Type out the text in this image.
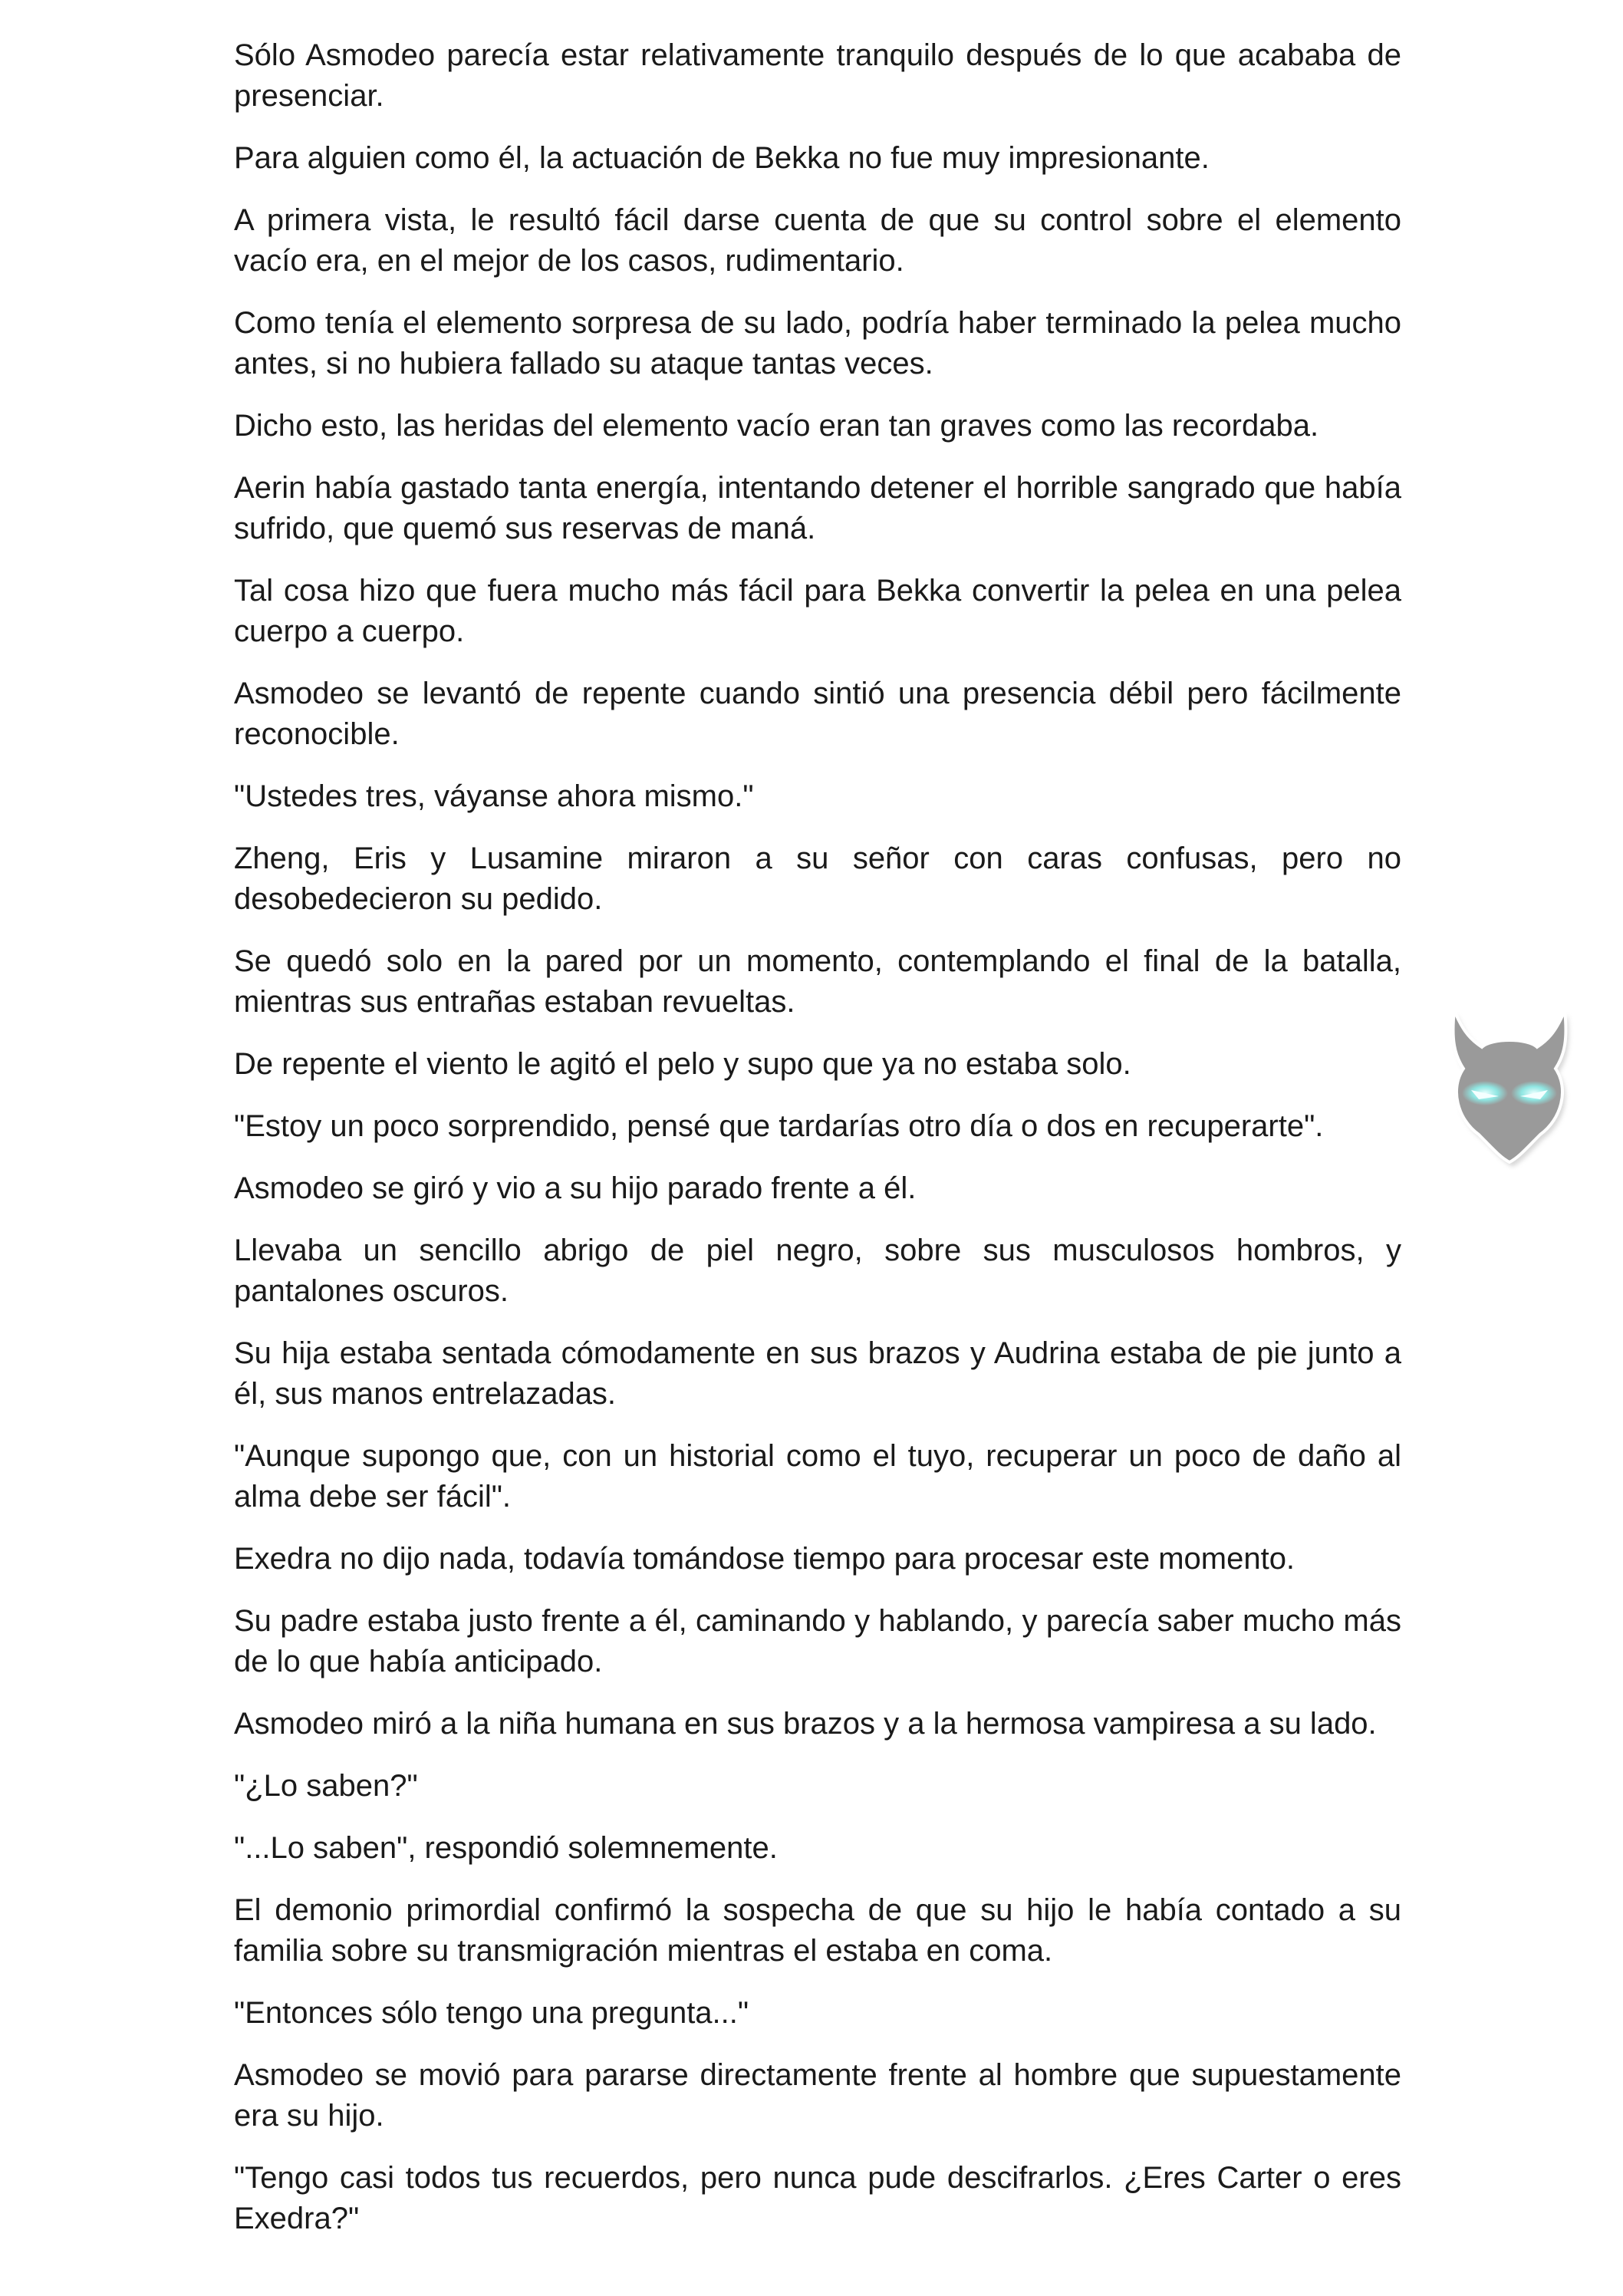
Sólo Asmodeo parecía estar relativamente tranquilo después de lo que acababa de presenciar.

Para alguien como él, la actuación de Bekka no fue muy impresionante.

A primera vista, le resultó fácil darse cuenta de que su control sobre el elemento vacío era, en el mejor de los casos, rudimentario.

Como tenía el elemento sorpresa de su lado, podría haber terminado la pelea mucho antes, si no hubiera fallado su ataque tantas veces.

Dicho esto, las heridas del elemento vacío eran tan graves como las recordaba.

Aerin había gastado tanta energía, intentando detener el horrible sangrado que había sufrido, que quemó sus reservas de maná.

Tal cosa hizo que fuera mucho más fácil para Bekka convertir la pelea en una pelea cuerpo a cuerpo.

Asmodeo se levantó de repente cuando sintió una presencia débil pero fácilmente reconocible.

"Ustedes tres, váyanse ahora mismo."

Zheng, Eris y Lusamine miraron a su señor con caras confusas, pero no desobedecieron su pedido.

Se quedó solo en la pared por un momento, contemplando el final de la batalla, mientras sus entrañas estaban revueltas.

De repente el viento le agitó el pelo y supo que ya no estaba solo.

"Estoy un poco sorprendido, pensé que tardarías otro día o dos en recuperarte".

Asmodeo se giró y vio a su hijo parado frente a él.

Llevaba un sencillo abrigo de piel negro, sobre sus musculosos hombros, y pantalones oscuros.

Su hija estaba sentada cómodamente en sus brazos y Audrina estaba de pie junto a él, sus manos entrelazadas.

"Aunque supongo que, con un historial como el tuyo, recuperar un poco de daño al alma debe ser fácil".

Exedra no dijo nada, todavía tomándose tiempo para procesar este momento.

Su padre estaba justo frente a él, caminando y hablando, y parecía saber mucho más de lo que había anticipado.

Asmodeo miró a la niña humana en sus brazos y a la hermosa vampiresa a su lado.

"¿Lo saben?"

"...Lo saben", respondió solemnemente.

El demonio primordial confirmó la sospecha de que su hijo le había contado a su familia sobre su transmigración mientras el estaba en coma.

"Entonces sólo tengo una pregunta..."

Asmodeo se movió para pararse directamente frente al hombre que supuestamente era su hijo.

"Tengo casi todos tus recuerdos, pero nunca pude descifrarlos. ¿Eres Carter o eres Exedra?"
